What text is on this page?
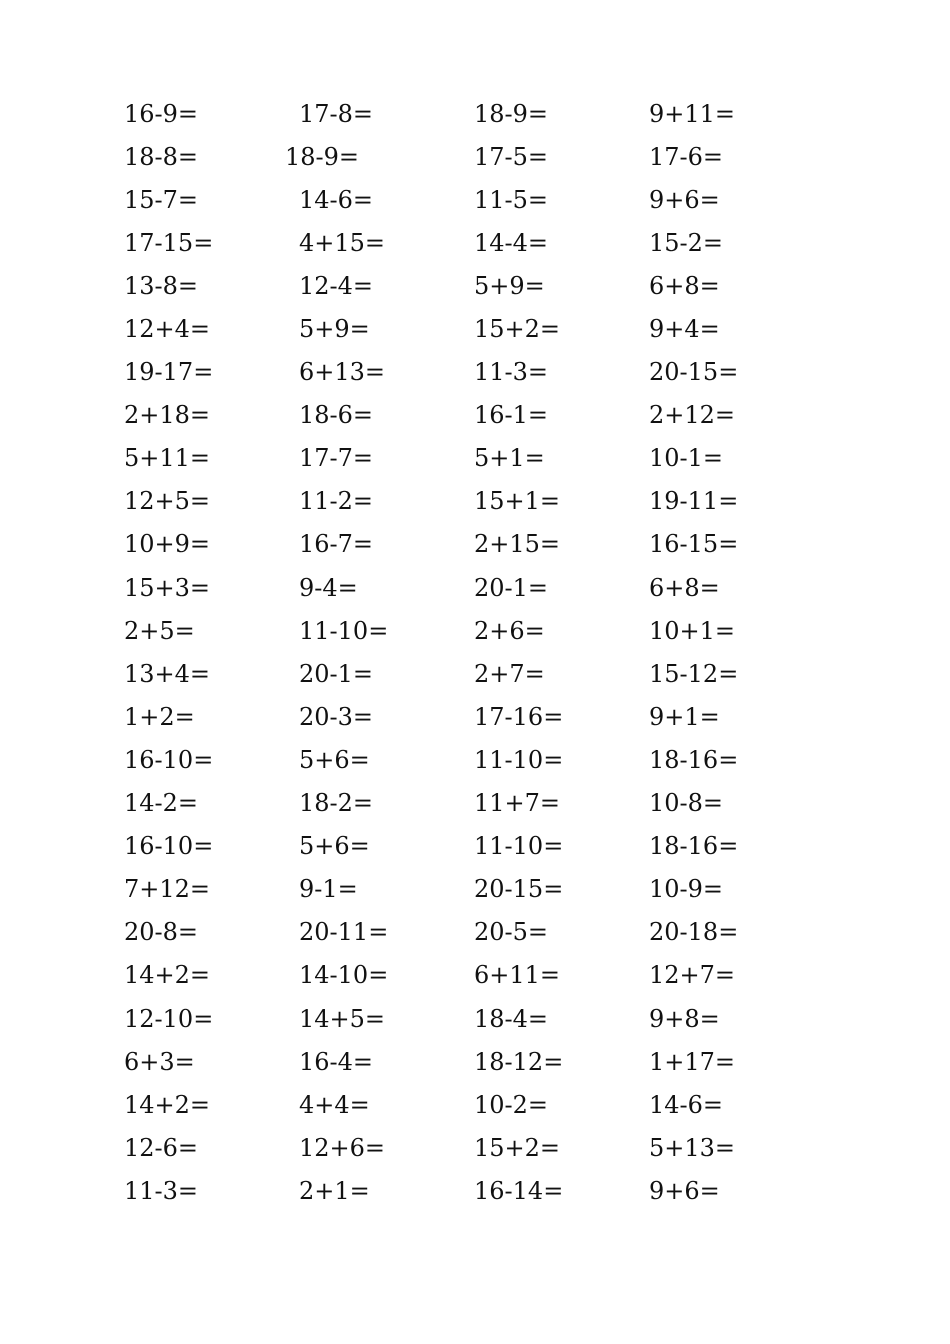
16-9=	17-8=	18-9=	9+11=
18-8=	18-9=	17-5=	17-6=
15-7=	14-6=	11-5=	9+6=
17-15=	4+15=	14-4=	15-2=
13-8=	12-4=	5+9=	6+8=
12+4=	5+9=	15+2=	9+4=
19-17=	6+13=	11-3=	20-15=
2+18=	18-6=	16-1=	2+12=
5+11=	17-7=	5+1=	10-1=
12+5=	11-2=	15+1=	19-11=
10+9=	16-7=	2+15=	16-15=
15+3=	9-4=	20-1=	6+8=
2+5=	11-10=	2+6=	10+1=
13+4=	20-1=	2+7=	15-12=
1+2=	20-3=	17-16=	9+1=
16-10=	5+6=	11-10=	18-16=
14-2=	18-2=	11+7=	10-8=
16-10=	5+6=	11-10=	18-16=
7+12=	9-1=	20-15=	10-9=
20-8=	20-11=	20-5=	20-18=
14+2=	14-10=	6+11=	12+7=
12-10=	14+5=	18-4=	9+8=
6+3=	16-4=	18-12=	1+17=
14+2=	4+4=	10-2=	14-6=
12-6=	12+6=	15+2=	5+13=
11-3=	2+1=	16-14=	9+6=
